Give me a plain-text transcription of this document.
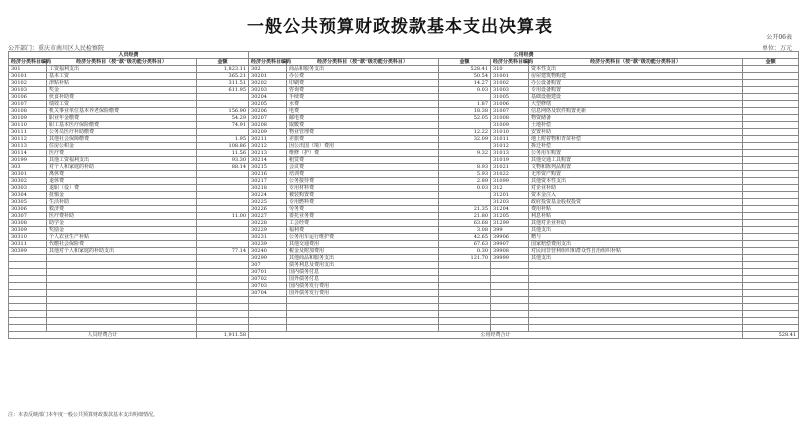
一般公共预算财政拨款基本支出决算表
公开06表
公开部门：重庆市南川区人民检察院	单位：万元
人员经费			公用经费					
经济分类科目编码	经济分类科目（按“款”级功能分类科目）	金额	经济分类科目编码	经济分类科目（按“款”级功能分类科目）	金额	经济分类科目编码	经济分类科目（按“款”级功能分类科目）	金额
301	工资福利支出	1,823.11	302	商品和服务支出	528.41	310	资本性支出	
30101	基本工资	365.21	30201	办公费	50.54	31001	房屋建筑物购建	
30102	津贴补贴	311.51	30202	印刷费	14.27	31002	办公设备购置	
30103	奖金	611.95	30203	咨询费	0.03	31003	专用设备购置	
30106	伙食补助费		30204	手续费		31005	基础设施建设	
30107	绩效工资		30205	水费	1.87	31006	大型修缮	
30108	机关事业单位基本养老保险缴费	156.90	30206	电费	18.38	31007	信息网络及软件购置更新	
30109	职业年金缴费	54.29	30207	邮电费	52.05	31008	物资储备	
30110	职工基本医疗保险缴费	74.91	30208	取暖费		31009	土地补偿	
30111	公务员医疗补助缴费		30209	物业管理费	12.22	31010	安置补助	
30112	其他社会保障缴费	1.95	30211	差旅费	32.09	31011	地上附着物和青苗补偿	
30113	住房公积金	108.86	30212	因公出国（境）费用		31012	拆迁补偿	
30114	医疗费	11.56	30213	维修（护）费	9.32	31013	公务用车购置	
30199	其他工资福利支出	93.30	30214	租赁费		31019	其他交通工具购置	
303	对个人和家庭的补助	88.14	30215	会议费	8.93	31021	文物和陈列品购置	
30301	离休费		30216	培训费	5.93	31022	无形资产购置	
30302	退休费		30217	公务接待费	2.89	31099	其他资本性支出	
30303	退职（役）费		30218	专用材料费	0.03	312	对企业补助	
30304	抚恤金		30224	被装购置费		31201	资本金注入	
30305	生活补助		30225	专用燃料费		31203	政府投资基金股权投资	
30306	救济费		30226	劳务费	21.35	31204	费用补贴	
30307	医疗费补助	11.00	30227	委托业务费	21.80	31205	利息补贴	
30308	助学金		30228	工会经费	63.68	31299	其他对企业补助	
30309	奖励金		30229	福利费	3.08	399	其他支出	
30310	个人农业生产补贴		30231	公务用车运行维护费	42.65	39906	赠与	
30311	代缴社会保险费		30239	其他交通费用	67.63	39907	国家赔偿费用支出	
30399	其他对个人和家庭的补助支出	77.14	30240	税金及附加费用	0.30	39908	对民间非营利组织和群众性自治组织补贴	
			30299	其他商品和服务支出	121.70	39999	其他支出	
			307	债务利息及费用支出				
			30701	国内债务付息				
			30702	国外债务付息				
			30703	国内债务发行费用				
			30704	国外债务发行费用				

人员经费合计		1,911.58	公用经费合计					528.41
注：本表反映部门本年度一般公共预算财政拨款基本支出明细情况。
